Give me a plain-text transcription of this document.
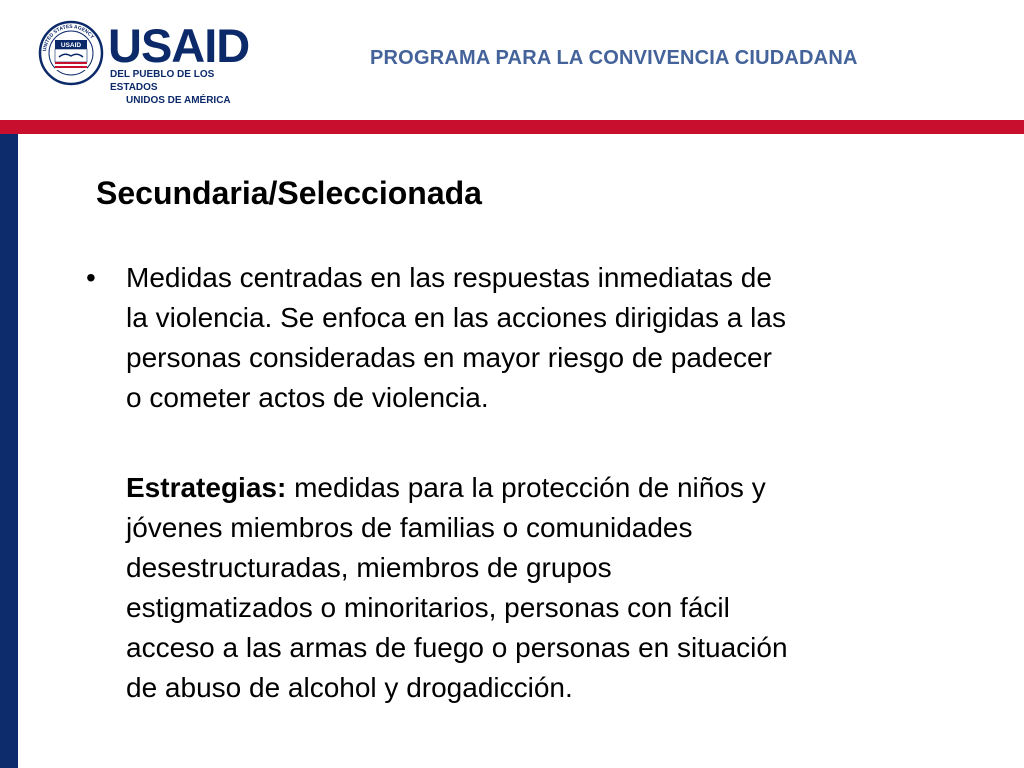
UNITED STATES AGENCY
USAID USAID
DEL PUEBLO DE LOS ESTADOS
UNIDOS DE AMÉRICA
PROGRAMA PARA LA CONVIVENCIA CIUDADANA
Secundaria/Seleccionada
• Medidas centradas en las respuestas inmediatas de
la violencia. Se enfoca en las acciones dirigidas a las
personas consideradas en mayor riesgo de padecer
o cometer actos de violencia.
Estrategias: medidas para la protección de niños y
jóvenes miembros de familias o comunidades
desestructuradas, miembros de grupos
estigmatizados o minoritarios, personas con fácil
acceso a las armas de fuego o personas en situación
de abuso de alcohol y drogadicción.
